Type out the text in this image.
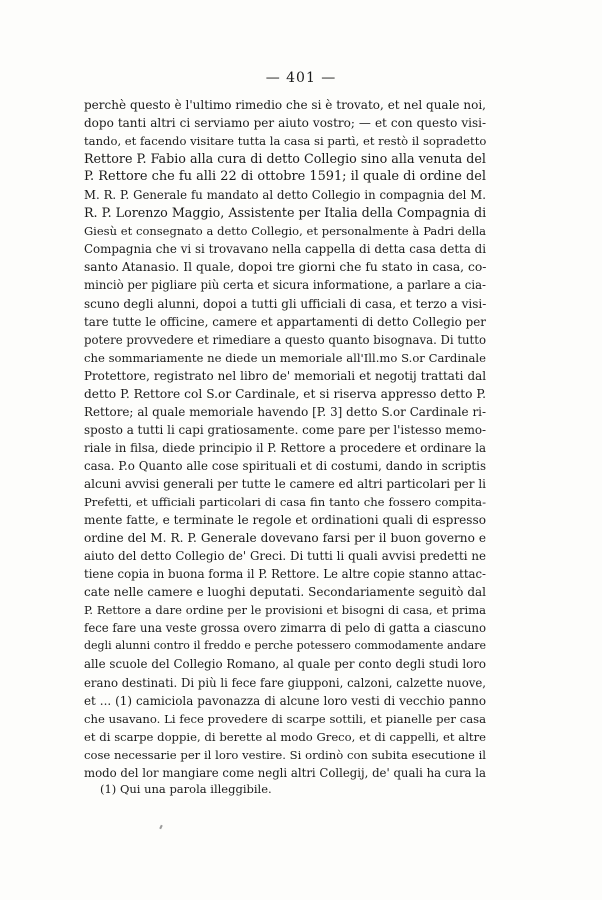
— 401 —
perchè questo è l'ultimo rimedio che si è trovato, et nel quale noi,
dopo tanti altri ci serviamo per aiuto vostro; — et con questo visi-
tando, et facendo visitare tutta la casa si partì, et restò il sopradetto
Rettore P. Fabio alla cura di detto Collegio sino alla venuta del
P. Rettore che fu alli 22 di ottobre 1591; il quale di ordine del
M. R. P. Generale fu mandato al detto Collegio in compagnia del M.
R. P. Lorenzo Maggio, Assistente per Italia della Compagnia di
Giesù et consegnato a detto Collegio, et personalmente à Padri della
Compagnia che vi si trovavano nella cappella di detta casa detta di
santo Atanasio. Il quale, dopoi tre giorni che fu stato in casa, co-
minciò per pigliare più certa et sicura informatione, a parlare a cia-
scuno degli alunni, dopoi a tutti gli ufficiali di casa, et terzo a visi-
tare tutte le officine, camere et appartamenti di detto Collegio per
potere provvedere et rimediare a questo quanto bisognava. Di tutto
che sommariamente ne diede un memoriale all'Ill.mo S.or Cardinale
Protettore, registrato nel libro de' memoriali et negotij trattati dal
detto P. Rettore col S.or Cardinale, et si riserva appresso detto P.
Rettore; al quale memoriale havendo [P. 3] detto S.or Cardinale ri-
sposto a tutti li capi gratiosamente. come pare per l'istesso memo-
riale in filsa, diede principio il P. Rettore a procedere et ordinare la
casa. P.o Quanto alle cose spirituali et di costumi, dando in scriptis
alcuni avvisi generali per tutte le camere ed altri particolari per li
Prefetti, et ufficiali particolari di casa fin tanto che fossero compita-
mente fatte, e terminate le regole et ordinationi quali di espresso
ordine del M. R. P. Generale dovevano farsi per il buon governo e
aiuto del detto Collegio de' Greci. Di tutti li quali avvisi predetti ne
tiene copia in buona forma il P. Rettore. Le altre copie stanno attac-
cate nelle camere e luoghi deputati. Secondariamente seguitò dal
P. Rettore a dare ordine per le provisioni et bisogni di casa, et prima
fece fare una veste grossa overo zimarra di pelo di gatta a ciascuno
degli alunni contro il freddo e perche potessero commodamente andare
alle scuole del Collegio Romano, al quale per conto degli studi loro
erano destinati. Di più li fece fare giupponi, calzoni, calzette nuove,
et ... (1) camiciola pavonazza di alcune loro vesti di vecchio panno
che usavano. Li fece provedere di scarpe sottili, et pianelle per casa
et di scarpe doppie, di berette al modo Greco, et di cappelli, et altre
cose necessarie per il loro vestire. Si ordinò con subita esecutione il
modo del lor mangiare come negli altri Collegij, de' quali ha cura la
(1) Qui una parola illeggibile.
